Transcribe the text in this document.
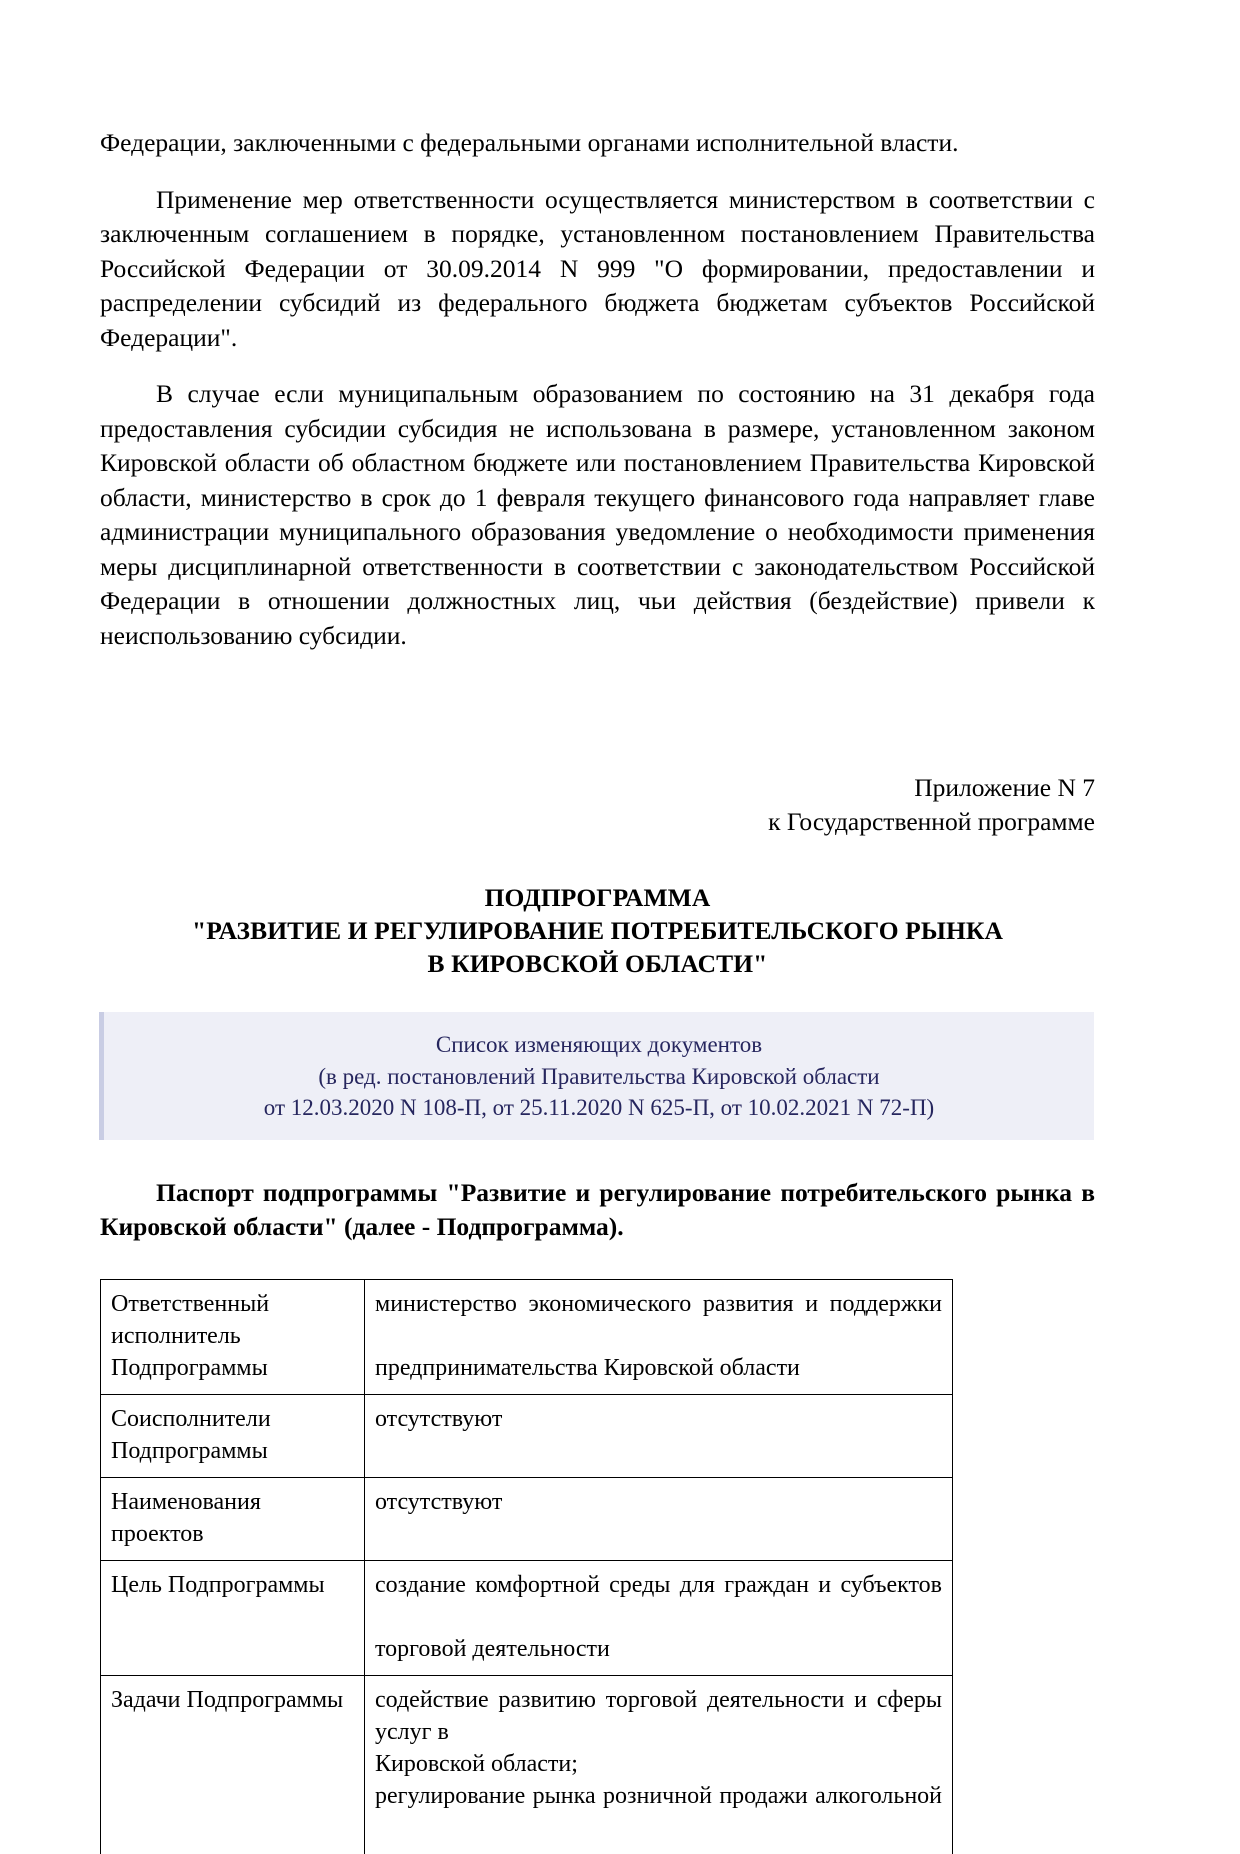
Федерации, заключенными с федеральными органами исполнительной власти.

Применение мер ответственности осуществляется министерством в соответствии с заключенным соглашением в порядке, установленном постановлением Правительства Российской Федерации от 30.09.2014 N 999 "О формировании, предоставлении и распределении субсидий из федерального бюджета бюджетам субъектов Российской Федерации".

В случае если муниципальным образованием по состоянию на 31 декабря года предоставления субсидии субсидия не использована в размере, установленном законом Кировской области об областном бюджете или постановлением Правительства Кировской области, министерство в срок до 1 февраля текущего финансового года направляет главе администрации муниципального образования уведомление о необходимости применения меры дисциплинарной ответственности в соответствии с законодательством Российской Федерации в отношении должностных лиц, чьи действия (бездействие) привели к неиспользованию субсидии.

Приложение N 7
к Государственной программе
ПОДПРОГРАММА
"РАЗВИТИЕ И РЕГУЛИРОВАНИЕ ПОТРЕБИТЕЛЬСКОГО РЫНКА
В КИРОВСКОЙ ОБЛАСТИ"
Список изменяющих документов
(в ред. постановлений Правительства Кировской области
от 12.03.2020 N 108-П, от 25.11.2020 N 625-П, от 10.02.2021 N 72-П)

Паспорт подпрограммы "Развитие и регулирование потребительского рынка в Кировской области" (далее - Подпрограмма).

Ответственный исполнитель Подпрограммы	министерство экономического развития и поддержки
предпринимательства Кировской области

Соисполнители Подпрограммы	отсутствуют

Наименования проектов	отсутствуют

Цель Подпрограммы	создание комфортной среды для граждан и субъектов
торговой деятельности

Задачи Подпрограммы	содействие развитию торговой деятельности и сферы услуг в
Кировской области;
регулирование рынка розничной продажи алкогольной
